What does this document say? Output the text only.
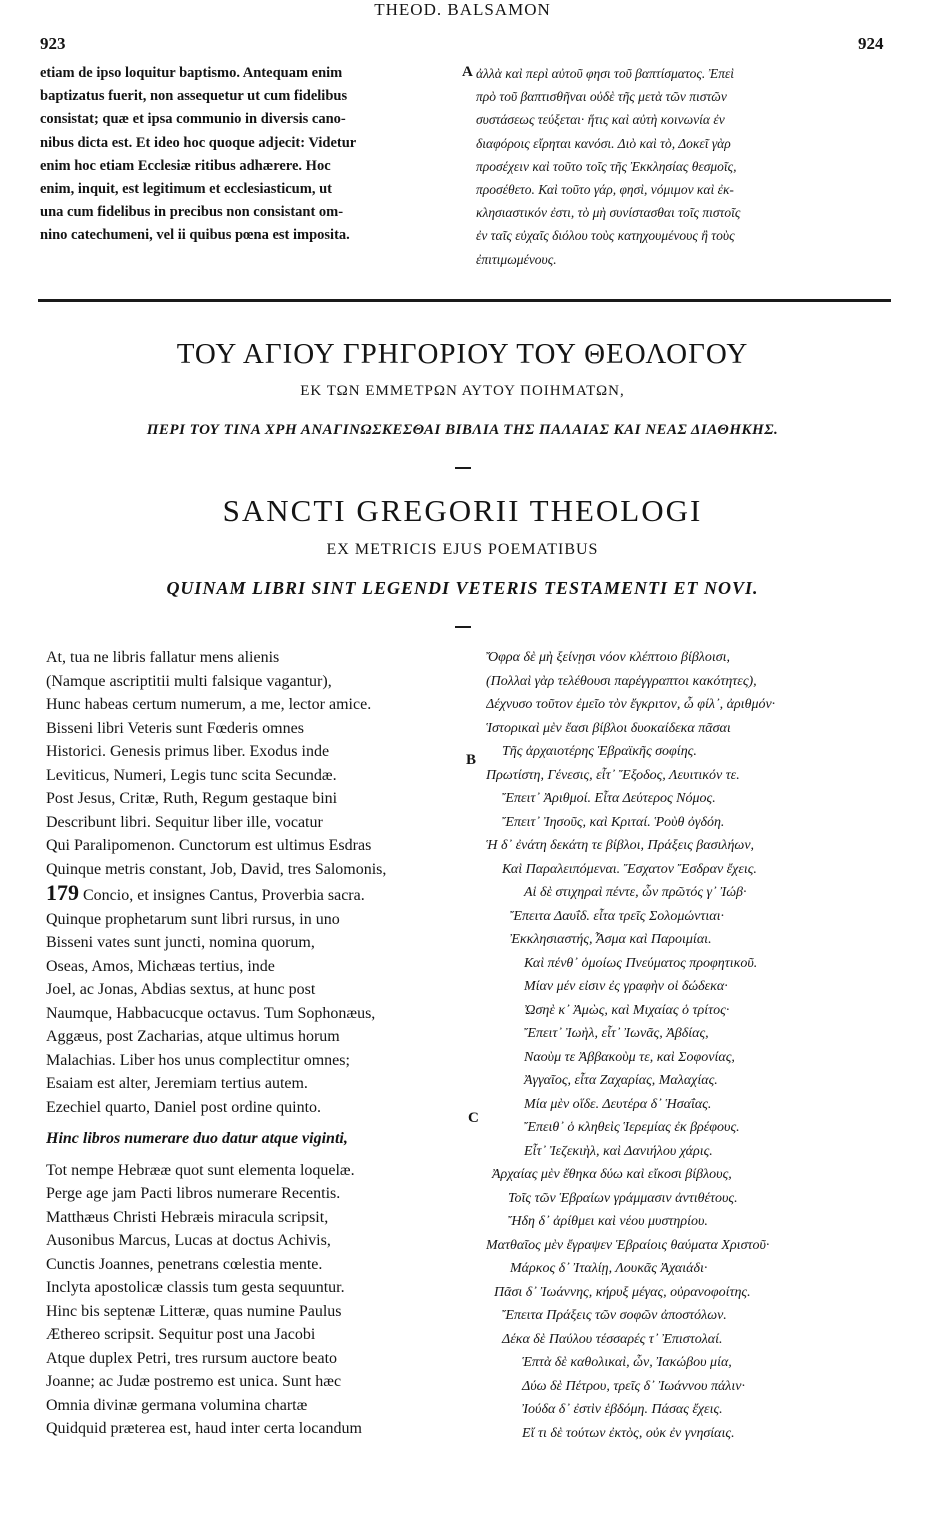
923
THEOD. BALSAMON
924
etiam de ipso loquitur baptismo. Antequam enim
baptizatus fuerit, non assequetur ut cum fidelibus
consistat; quæ et ipsa communio in diversis cano-
nibus dicta est. Et ideo hoc quoque adjecit: Videtur
enim hoc etiam Ecclesiæ ritibus adhærere. Hoc
enim, inquit, est legitimum et ecclesiasticum, ut
una cum fidelibus in precibus non consistant om-
nino catechumeni, vel ii quibus pœna est imposita.
A ἀλλὰ καὶ περὶ αὐτοῦ φησι τοῦ βαπτίσματος. Ἐπεὶ
πρὸ τοῦ βαπτισθῆναι οὐδὲ τῆς μετὰ τῶν πιστῶν
συστάσεως τεύξεται· ἥτις καὶ αὐτὴ κοινωνία ἐν
διαφόροις εἴρηται κανόσι. Διὸ καὶ τὸ, Δοκεῖ γὰρ
προσέχειν καὶ τοῦτο τοῖς τῆς Ἐκκλησίας θεσμοῖς,
προσέθετο. Καὶ τοῦτο γάρ, φησὶ, νόμιμον καὶ ἐκ-
κλησιαστικόν ἐστι, τὸ μὴ συνίστασθαι τοῖς πιστοῖς
ἐν ταῖς εὐχαῖς διόλου τοὺς κατηχουμένους ἢ τοὺς
ἐπιτιμωμένους.
ΤΟΥ ΑΓΙΟΥ ΓΡΗΓΟΡΙΟΥ ΤΟΥ ΘΕΟΛΟΓΟΥ
ΕΚ ΤΩΝ ΕΜΜΕΤΡΩΝ ΑΥΤΟΥ ΠΟΙΗΜΑΤΩΝ,
ΠΕΡΙ ΤΟΥ ΤΙΝΑ ΧΡΗ ΑΝΑΓΙΝΩΣΚΕΣΘΑΙ ΒΙΒΛΙΑ ΤΗΣ ΠΑΛΑΙΑΣ ΚΑΙ ΝΕΑΣ ΔΙΑΘΗΚΗΣ.
SANCTI GREGORII THEOLOGI
EX METRICIS EJUS POEMATIBUS
QUINAM LIBRI SINT LEGENDI VETERIS TESTAMENTI ET NOVI.
At, tua ne libris fallatur mens alienis
(Namque ascriptitii multi falsique vagantur),
Hunc habeas certum numerum, a me, lector amice.
Bisseni libri Veteris sunt Fœderis omnes
Historici. Genesis primus liber. Exodus inde
Leviticus, Numeri, Legis tunc scita Secundæ.
Post Jesus, Critæ, Ruth, Regum gestaque bini
Describunt libri. Sequitur liber ille, vocatur
Qui Paralipomenon. Cunctorum est ultimus Esdras
Quinque metris constant, Job, David, tres Salomonis,
179 Concio, et insignes Cantus, Proverbia sacra.
Quinque prophetarum sunt libri rursus, in uno
Bisseni vates sunt juncti, nomina quorum,
Oseas, Amos, Michæas tertius, inde
Joel, ac Jonas, Abdias sextus, at hunc post
Naumque, Habbacucque octavus. Tum Sophonæus,
Aggæus, post Zacharias, atque ultimus horum
Malachias. Liber hos unus complectitur omnes;
Esaiam est alter, Jeremiam tertius autem.
Ezechiel quarto, Daniel post ordine quinto.
Hinc libros numerare duo datur atque viginti,
Tot nempe Hebrææ quot sunt elementa loquelæ.
Perge age jam Pacti libros numerare Recentis.
Matthæus Christi Hebræis miracula scripsit,
Ausonibus Marcus, Lucas at doctus Achivis,
Cunctis Joannes, penetrans cœlestia mente.
Inclyta apostolicæ classis tum gesta sequuntur.
Hinc bis septenæ Litteræ, quas numine Paulus
Æthereo scripsit. Sequitur post una Jacobi
Atque duplex Petri, tres rursum auctore beato
Joanne; ac Judæ postremo est unica. Sunt hæc
Omnia divinæ germana volumina chartæ
Quidquid præterea est, haud inter certa locandum
B
C
Ὄφρα δὲ μὴ ξείνῃσι νόον κλέπτοιο βίβλοισι,
(Πολλαὶ γὰρ τελέθουσι παρέγγραπτοι κακότητες),
Δέχνυσο τοῦτον ἐμεῖο τὸν ἔγκριτον, ὦ φίλ᾽, ἀριθμόν·
Ἱστορικαὶ μὲν ἔασι βίβλοι δυοκαίδεκα πᾶσαι
Τῆς ἀρχαιοτέρης Ἑβραϊκῆς σοφίης.
Πρωτίστη, Γένεσις, εἶτ᾽ Ἔξοδος, Λευιτικόν τε.
Ἔπειτ᾽ Ἀριθμοί. Εἶτα Δεύτερος Νόμος.
Ἔπειτ᾽ Ἰησοῦς, καὶ Κριταί. Ῥοὺθ ὀγδόη.
Ἡ δ᾽ ἐνάτη δεκάτη τε βίβλοι, Πράξεις βασιλήων,
Καὶ Παραλειπόμεναι. Ἔσχατον Ἔσδραν ἔχεις.
Αἱ δὲ στιχηραὶ πέντε, ὧν πρῶτός γ᾽ Ἰώβ·
Ἔπειτα Δαυΐδ. εἶτα τρεῖς Σολομώντιαι·
Ἐκκλησιαστής, Ἆσμα καὶ Παροιμίαι.
Καὶ πένθ᾽ ὁμοίως Πνεύματος προφητικοῦ.
Μίαν μέν εἰσιν ἐς γραφὴν οἱ δώδεκα·
Ὠσηὲ κ᾽ Ἀμὼς, καὶ Μιχαίας ὁ τρίτος·
Ἔπειτ᾽ Ἰωὴλ, εἶτ᾽ Ἰωνᾶς, Ἀβδίας,
Ναοὺμ τε Ἀββακοὺμ τε, καὶ Σοφονίας,
Ἀγγαῖος, εἶτα Ζαχαρίας, Μαλαχίας.
Μία μὲν οἵδε. Δευτέρα δ᾽ Ἡσαΐας.
Ἔπειθ᾽ ὁ κληθεὶς Ἱερεμίας ἐκ βρέφους.
Εἶτ᾽ Ἰεζεκιὴλ, καὶ Δανιήλου χάρις.
Ἀρχαίας μὲν ἔθηκα δύω καὶ εἴκοσι βίβλους,
Τοῖς τῶν Ἑβραίων γράμμασιν ἀντιθέτους.
Ἤδη δ᾽ ἀρίθμει καὶ νέου μυστηρίου.
Ματθαῖος μὲν ἔγραψεν Ἑβραίοις θαύματα Χριστοῦ·
Μάρκος δ᾽ Ἰταλίῃ, Λουκᾶς Ἀχαιάδι·
Πᾶσι δ᾽ Ἰωάννης, κήρυξ μέγας, οὐρανοφοίτης.
Ἔπειτα Πράξεις τῶν σοφῶν ἀποστόλων.
Δέκα δὲ Παύλου τέσσαρές τ᾽ Ἐπιστολαί.
Ἑπτὰ δὲ καθολικαὶ, ὧν, Ἰακώβου μία,
Δύω δὲ Πέτρου, τρεῖς δ᾽ Ἰωάννου πάλιν·
Ἰούδα δ᾽ ἐστὶν ἑβδόμη. Πάσας ἔχεις.
Εἴ τι δὲ τούτων ἐκτὸς, οὐκ ἐν γνησίαις.
